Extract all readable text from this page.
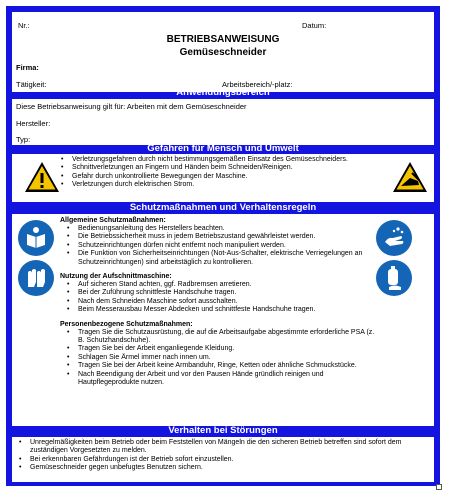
Nr.:	Datum:
BETRIEBSANWEISUNG
Gemüseschneider
Firma:
Tätigkeit:	Arbeitsbereich/-platz:
Anwendungsbereich
Diese Betriebsanweisung gilt für: Arbeiten mit dem Gemüseschneider
Hersteller:
Typ:
Gefahren für Mensch und Umwelt
• Verletzungsgefahren durch nicht bestimmungsgemäßen Einsatz des Gemüseschneiders.
• Schnittverletzungen an Fingern und Händen beim Schneiden/Reinigen.
• Gefahr durch unkontrollierte Bewegungen der Maschine.
• Verletzungen durch elektrischen Strom.
Schutzmaßnahmen und Verhaltensregeln
Allgemeine Schutzmaßnahmen:
• Bedienungsanleitung des Herstellers beachten.
• Die Betriebssicherheit muss in jedem Betriebszustand gewährleistet werden.
• Schutzeinrichtungen dürfen nicht entfernt noch manipuliert werden.
• Die Funktion von Sicherheitseinrichtungen (Not-Aus-Schalter, elektrische Verriegelungen an Schutzeinrichtungen) sind arbeitstäglich zu kontrollieren.
Nutzung der Aufschnittmaschine:
• Auf sicheren Stand achten, ggf. Radbremsen arretieren.
• Bei der Zuführung schnittfeste Handschuhe tragen.
• Nach dem Schneiden Maschine sofort ausschalten.
• Beim Messerausbau Messer Abdecken und schnittfeste Handschuhe tragen.
Personenbezogene Schutzmaßnahmen:
• Tragen Sie die Schutzausrüstung, die auf die Arbeitsaufgabe abgestimmte erforderliche PSA (z. B. Schutzhandschuhe).
• Tragen Sie bei der Arbeit enganliegende Kleidung.
• Schlagen Sie Ärmel immer nach innen um.
• Tragen Sie bei der Arbeit keine Armbanduhr, Ringe, Ketten oder ähnliche Schmuckstücke.
• Nach Beendigung der Arbeit und vor den Pausen Hände gründlich reinigen und Hautpflegeprodukte nutzen.
Verhalten bei Störungen
• Unregelmäßigkeiten beim Betrieb oder beim Feststellen von Mängeln die den sicheren Betrieb betreffen sind sofort dem zuständigen Vorgesetzten zu melden.
• Bei erkennbaren Gefährdungen ist der Betrieb sofort einzustellen.
• Gemüseschneider gegen unbefugtes Benutzen sichern.
